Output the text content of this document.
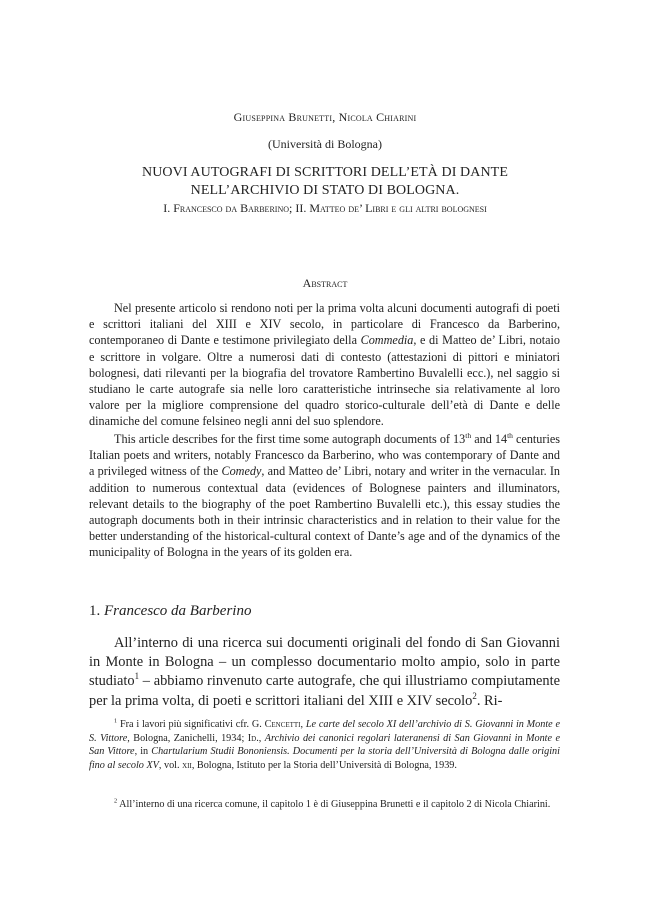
Giuseppina Brunetti, Nicola Chiarini
(Università di Bologna)
NUOVI AUTOGRAFI DI SCRITTORI DELL’ETÀ DI DANTE
NELL’ARCHIVIO DI STATO DI BOLOGNA.
I. Francesco da Barberino; II. Matteo de’ Libri e gli altri bolognesi
Abstract
Nel presente articolo si rendono noti per la prima volta alcuni documenti autografi di poeti e scrittori italiani del XIII e XIV secolo, in particolare di Francesco da Barberino, contemporaneo di Dante e testimone privilegiato della Commedia, e di Matteo de’ Libri, notaio e scrittore in volgare. Oltre a numerosi dati di contesto (attestazioni di pittori e miniatori bolognesi, dati rilevanti per la biografia del trovatore Rambertino Buvalelli ecc.), nel saggio si studiano le carte autografe sia nelle loro caratteristiche intrinseche sia relativamente al loro valore per la migliore comprensione del quadro storico-culturale dell’età di Dante e delle dinamiche del comune felsineo negli anni del suo splendore.
This article describes for the first time some autograph documents of 13th and 14th centuries Italian poets and writers, notably Francesco da Barberino, who was contemporary of Dante and a privileged witness of the Comedy, and Matteo de’ Libri, notary and writer in the vernacular. In addition to numerous contextual data (evidences of Bolognese painters and illuminators, relevant details to the biography of the poet Rambertino Buvalelli etc.), this essay studies the autograph documents both in their intrinsic characteristics and in relation to their value for the better understanding of the historical-cultural context of Dante’s age and of the dynamics of the municipality of Bologna in the years of its golden era.
1. Francesco da Barberino
All’interno di una ricerca sui documenti originali del fondo di San Giovanni in Monte in Bologna – un complesso documentario molto ampio, solo in parte studiato$^1$ – abbiamo rinvenuto carte autografe, che qui illustriamo compiutamente per la prima volta, di poeti e scrittori italiani del XIII e XIV secolo$^2$. Ri-
$^1$ Fra i lavori più significativi cfr. G. Cencetti, Le carte del secolo XI dell’archivio di S. Giovanni in Monte e S. Vittore, Bologna, Zanichelli, 1934; Id., Archivio dei canonici regolari lateranensi di San Giovanni in Monte e San Vittore, in Chartularium Studii Bononiensis. Documenti per la storia dell’Università di Bologna dalle origini fino al secolo XV, vol. xii, Bologna, Istituto per la Storia dell’Università di Bologna, 1939.
$^2$ All’interno di una ricerca comune, il capitolo 1 è di Giuseppina Brunetti e il capitolo 2 di Nicola Chiarini.
